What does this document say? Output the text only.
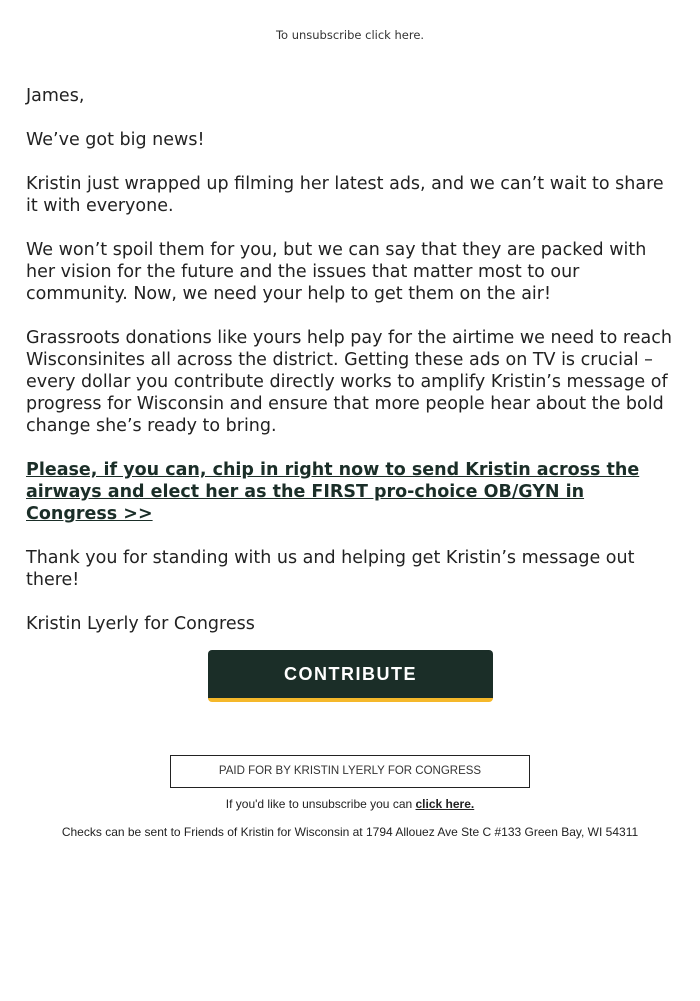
To unsubscribe click here.

James,

We’ve got big news!

Kristin just wrapped up filming her latest ads, and we can’t wait to share it with everyone.

We won’t spoil them for you, but we can say that they are packed with her vision for the future and the issues that matter most to our community. Now, we need your help to get them on the air!

Grassroots donations like yours help pay for the airtime we need to reach Wisconsinites all across the district. Getting these ads on TV is crucial – every dollar you contribute directly works to amplify Kristin’s message of progress for Wisconsin and ensure that more people hear about the bold change she’s ready to bring.

Please, if you can, chip in right now to send Kristin across the airways and elect her as the FIRST pro-choice OB/GYN in Congress >>

Thank you for standing with us and helping get Kristin’s message out there!

Kristin Lyerly for Congress

CONTRIBUTE
PAID FOR BY KRISTIN LYERLY FOR CONGRESS
If you'd like to unsubscribe you can click here.
Checks can be sent to Friends of Kristin for Wisconsin at 1794 Allouez Ave Ste C #133 Green Bay, WI 54311
